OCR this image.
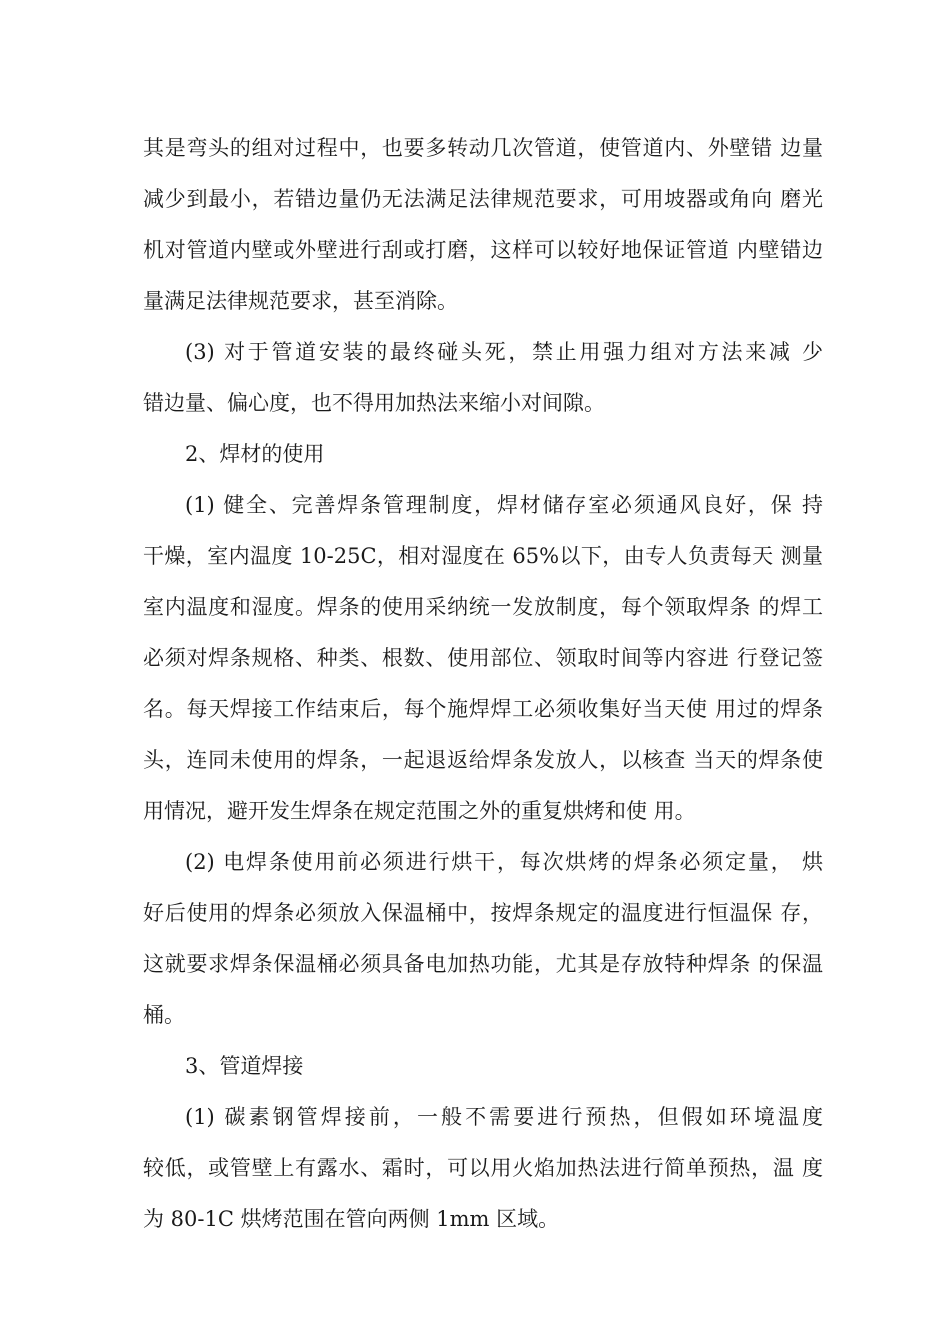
其是弯头的组对过程中，也要多转动几次管道，使管道内、外壁错 边量
减少到最小，若错边量仍无法满足法律规范要求，可用坡器或角向 磨光
机对管道内壁或外壁进行刮或打磨，这样可以较好地保证管道 内壁错边
量满足法律规范要求，甚至消除。
(3) 对于管道安装的最终碰头死，禁止用强力组对方法来减 少
错边量、偏心度，也不得用加热法来缩小对间隙。
2、焊材的使用
(1) 健全、完善焊条管理制度，焊材储存室必须通风良好，保 持
干燥，室内温度 10-25C，相对湿度在 65%以下，由专人负责每天 测量
室内温度和湿度。焊条的使用采纳统一发放制度，每个领取焊条 的焊工
必须对焊条规格、种类、根数、使用部位、领取时间等内容进 行登记签
名。每天焊接工作结束后，每个施焊焊工必须收集好当天使 用过的焊条
头，连同未使用的焊条，一起退返给焊条发放人，以核查 当天的焊条使
用情况，避开发生焊条在规定范围之外的重复烘烤和使 用。
(2) 电焊条使用前必须进行烘干，每次烘烤的焊条必须定量， 烘
好后使用的焊条必须放入保温桶中，按焊条规定的温度进行恒温保 存，
这就要求焊条保温桶必须具备电加热功能，尤其是存放特种焊条 的保温
桶。
3、管道焊接
(1) 碳素钢管焊接前，一般不需要进行预热，但假如环境温度
较低，或管壁上有露水、霜时，可以用火焰加热法进行简单预热，温 度
为 80-1C 烘烤范围在管向两侧 1mm 区域。
